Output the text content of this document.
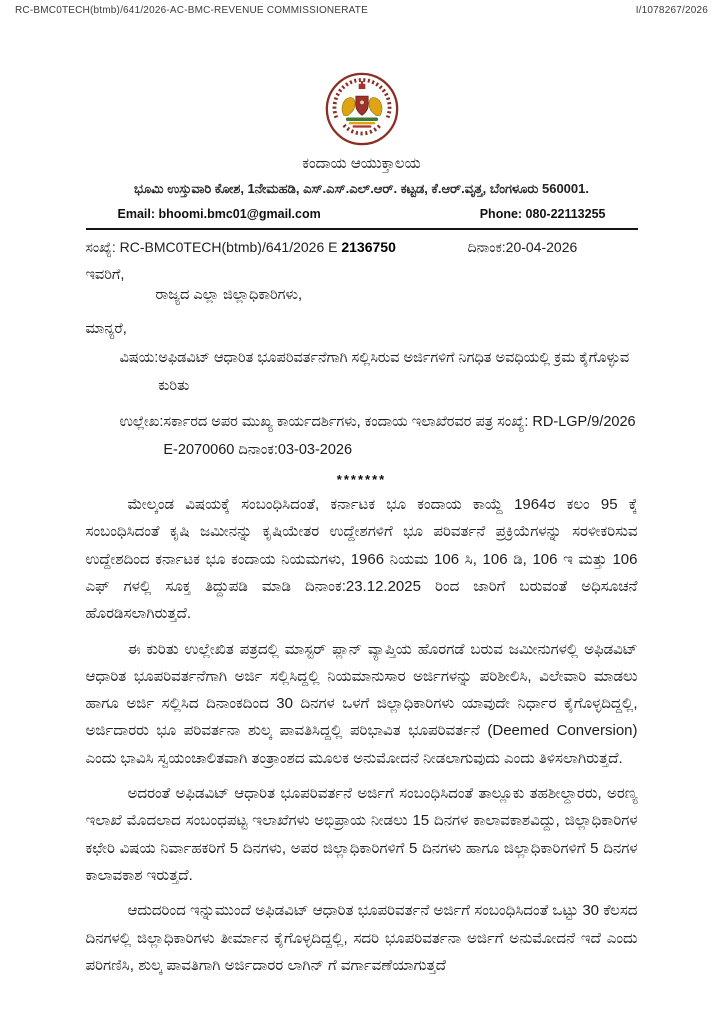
RC-BMC0TECH(btmb)/641/2026-AC-BMC-REVENUE COMMISSIONERATE	I/1078267/2026
ಕಂದಾಯ ಆಯುಕ್ತಾಲಯ
ಭೂಮಿ ಉಸ್ತುವಾರಿ ಕೋಶ, 1ನೇಮಹಡಿ, ಎಸ್.ಎಸ್.ಎಲ್.ಆರ್. ಕಟ್ಟಡ, ಕೆ.ಆರ್.ವೃತ್ತ, ಬೆಂಗಳೂರು 560001.
Email: bhoomi.bmc01@gmail.com	Phone: 080-22113255
ಸಂಖ್ಯೆ: RC-BMC0TECH(btmb)/641/2026 E 2136750	ದಿನಾಂಕ:20-04-2026
ಇವರಿಗೆ,
ರಾಜ್ಯದ ಎಲ್ಲಾ ಜಿಲ್ಲಾಧಿಕಾರಿಗಳು,
ಮಾನ್ಯರೆ,
ವಿಷಯ: ಅಫಿಡವಿಟ್ ಆಧಾರಿತ ಭೂಪರಿವರ್ತನೆಗಾಗಿ ಸಲ್ಲಿಸಿರುವ ಅರ್ಜಿಗಳಿಗೆ ನಿಗಧಿತ ಅವಧಿಯಲ್ಲಿ ಕ್ರಮ ಕೈಗೊಳ್ಳುವ ಕುರಿತು
ಉಲ್ಲೇಖ: ಸರ್ಕಾರದ ಅಪರ ಮುಖ್ಯ ಕಾರ್ಯದರ್ಶಿಗಳು, ಕಂದಾಯ ಇಲಾಖೆರವರ ಪತ್ರ ಸಂಖ್ಯೆ: RD-LGP/9/2026 E-2070060 ದಿನಾಂಕ:03-03-2026
*******

ಮೇಲ್ಕಂಡ ವಿಷಯಕ್ಕೆ ಸಂಬಂಧಿಸಿದಂತೆ, ಕರ್ನಾಟಕ ಭೂ ಕಂದಾಯ ಕಾಯ್ದೆ 1964ರ ಕಲಂ 95 ಕ್ಕೆ ಸಂಬಂಧಿಸಿದಂತೆ ಕೃಷಿ ಜಮೀನನ್ನು ಕೃಷಿಯೇತರ ಉದ್ದೇಶಗಳಿಗೆ ಭೂ ಪರಿವರ್ತನೆ ಪ್ರಕ್ರಿಯೆಗಳನ್ನು ಸರಳೀಕರಿಸುವ ಉದ್ದೇಶದಿಂದ ಕರ್ನಾಟಕ ಭೂ ಕಂದಾಯ ನಿಯಮಗಳು, 1966 ನಿಯಮ 106 ಸಿ, 106 ಡಿ, 106 ಇ ಮತ್ತು 106 ಎಫ್ ಗಳಲ್ಲಿ ಸೂಕ್ತ ತಿದ್ದುಪಡಿ ಮಾಡಿ ದಿನಾಂಕ:23.12.2025 ರಿಂದ ಜಾರಿಗೆ ಬರುವಂತೆ ಅಧಿಸೂಚನೆ ಹೊರಡಿಸಲಾಗಿರುತ್ತದೆ.

ಈ ಕುರಿತು ಉಲ್ಲೇಖಿತ ಪತ್ರದಲ್ಲಿ ಮಾಸ್ಟರ್ ಪ್ಲಾನ್ ವ್ಯಾಪ್ತಿಯ ಹೊರಗಡೆ ಬರುವ ಜಮೀನುಗಳಲ್ಲಿ ಅಫಿಡವಿಟ್ ಆಧಾರಿತ ಭೂಪರಿವರ್ತನೆಗಾಗಿ ಅರ್ಜಿ ಸಲ್ಲಿಸಿದ್ದಲ್ಲಿ ನಿಯಮಾನುಸಾರ ಅರ್ಜಿಗಳನ್ನು ಪರಿಶೀಲಿಸಿ, ವಿಲೇವಾರಿ ಮಾಡಲು ಹಾಗೂ ಅರ್ಜಿ ಸಲ್ಲಿಸಿದ ದಿನಾಂಕದಿಂದ 30 ದಿನಗಳ ಒಳಗೆ ಜಿಲ್ಲಾಧಿಕಾರಿಗಳು ಯಾವುದೇ ನಿರ್ಧಾರ ಕೈಗೊಳ್ಳದಿದ್ದಲ್ಲಿ, ಅರ್ಜಿದಾರರು ಭೂ ಪರಿವರ್ತನಾ ಶುಲ್ಕ ಪಾವತಿಸಿದ್ದಲ್ಲಿ ಪರಿಭಾವಿತ ಭೂಪರಿವರ್ತನೆ (Deemed Conversion) ಎಂದು ಭಾವಿಸಿ ಸ್ವಯಂಚಾಲಿತವಾಗಿ ತಂತ್ರಾಂಶದ ಮೂಲಕ ಅನುಮೋದನೆ ನೀಡಲಾಗುವುದು ಎಂದು ತಿಳಿಸಲಾಗಿರುತ್ತದೆ.

ಅದರಂತೆ ಅಫಿಡವಿಟ್ ಆಧಾರಿತ ಭೂಪರಿವರ್ತನೆ ಅರ್ಜಿಗೆ ಸಂಬಂಧಿಸಿದಂತೆ ತಾಲ್ಲೂಕು ತಹಶೀಲ್ದಾರರು, ಅರಣ್ಯ ಇಲಾಖೆ ಮೊದಲಾದ ಸಂಬಂಧಪಟ್ಟ ಇಲಾಖೆಗಳು ಅಭಿಪ್ರಾಯ ನೀಡಲು 15 ದಿನಗಳ ಕಾಲಾವಕಾಶವಿದ್ದು, ಜಿಲ್ಲಾಧಿಕಾರಿಗಳ ಕಛೇರಿ ವಿಷಯ ನಿರ್ವಾಹಕರಿಗೆ 5 ದಿನಗಳು, ಅಪರ ಜಿಲ್ಲಾಧಿಕಾರಿಗಳಿಗೆ 5 ದಿನಗಳು ಹಾಗೂ ಜಿಲ್ಲಾಧಿಕಾರಿಗಳಿಗೆ 5 ದಿನಗಳ ಕಾಲಾವಕಾಶ ಇರುತ್ತದೆ.

ಆದುದರಿಂದ ಇನ್ನುಮುಂದೆ ಅಫಿಡವಿಟ್ ಆಧಾರಿತ ಭೂಪರಿವರ್ತನೆ ಅರ್ಜಿಗೆ ಸಂಬಂಧಿಸಿದಂತೆ ಒಟ್ಟು 30 ಕೆಲಸದ ದಿನಗಳಲ್ಲಿ ಜಿಲ್ಲಾಧಿಕಾರಿಗಳು ತೀರ್ಮಾನ ಕೈಗೊಳ್ಳದಿದ್ದಲ್ಲಿ, ಸದರಿ ಭೂಪರಿವರ್ತನಾ ಅರ್ಜಿಗೆ ಅನುಮೋದನೆ ಇದೆ ಎಂದು ಪರಿಗಣಿಸಿ, ಶುಲ್ಕ ಪಾವತಿಗಾಗಿ ಅರ್ಜಿದಾರರ ಲಾಗಿನ್ ಗೆ ವರ್ಗಾವಣೆಯಾಗುತ್ತದೆ
